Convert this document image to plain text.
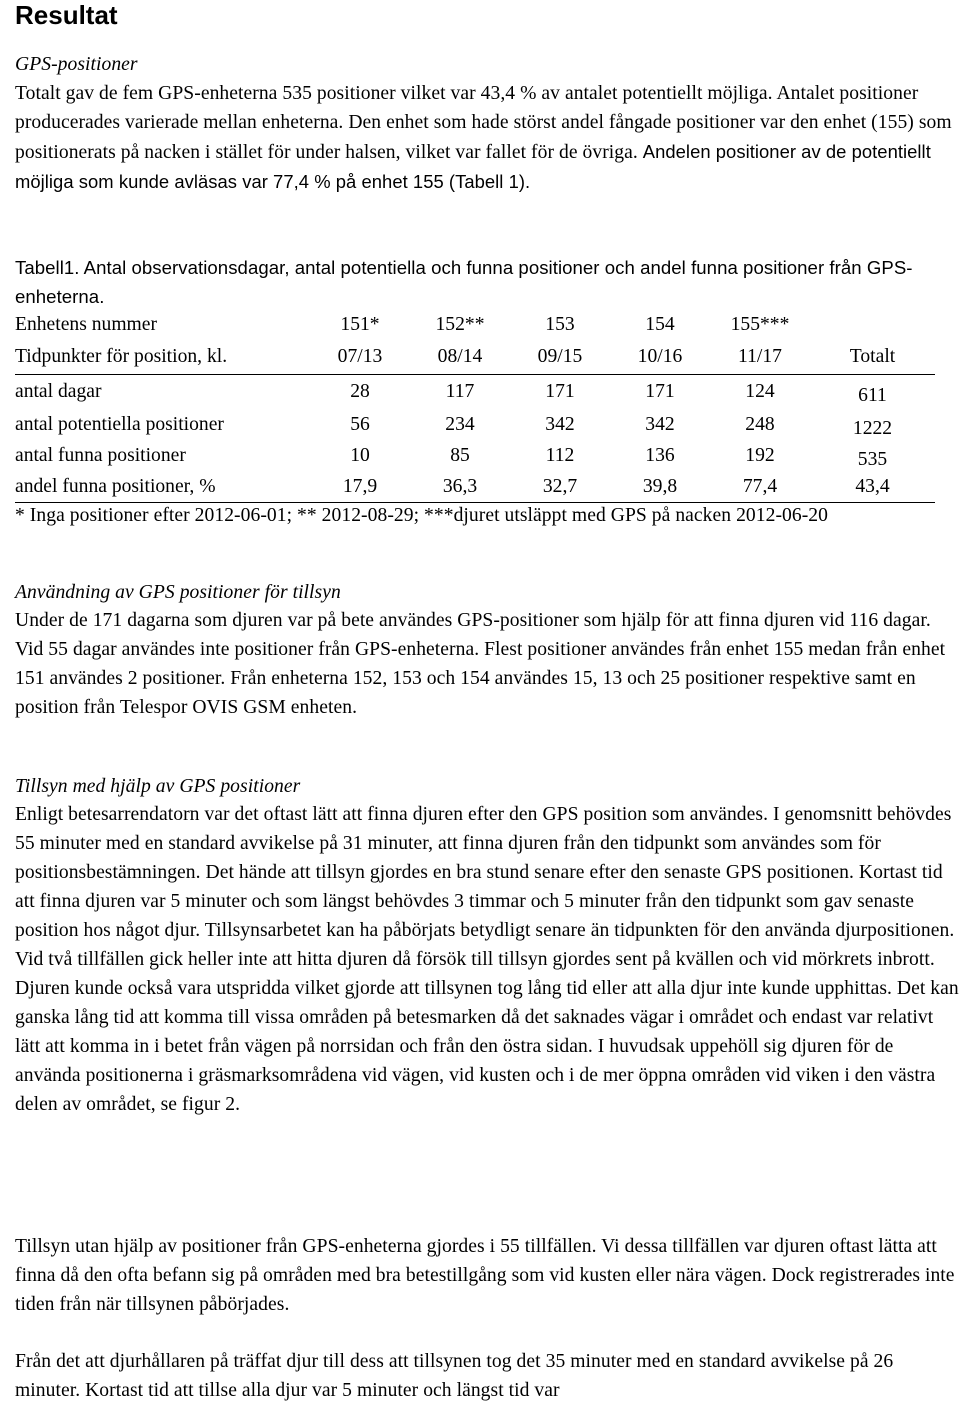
Resultat

GPS-positioner

Totalt gav de fem GPS-enheterna 535 positioner vilket var 43,4 % av antalet potentiellt möjliga. Antalet positioner producerades varierade mellan enheterna. Den enhet som hade störst andel fångade positioner var den enhet (155) som positionerats på nacken i stället för under halsen, vilket var fallet för de övriga. Andelen positioner av de potentiellt möjliga som kunde avläsas var 77,4 % på enhet 155 (Tabell 1).

Tabell1. Antal observationsdagar, antal potentiella och funna positioner och andel funna positioner från GPS-enheterna.

Enhetens nummer	151*	152**	153	154	155***	
Tidpunkter för position, kl.	07/13	08/14	09/15	10/16	11/17	Totalt
antal dagar	28	117	171	171	124	611
antal potentiella positioner	56	234	342	342	248	1222
antal funna positioner	10	85	112	136	192	535
andel funna positioner, %	17,9	36,3	32,7	39,8	77,4	43,4

* Inga positioner efter 2012-06-01; ** 2012-08-29; ***djuret utsläppt med GPS på nacken 2012-06-20

Användning av GPS positioner för tillsyn

Under de 171 dagarna som djuren var på bete användes GPS-positioner som hjälp för att finna djuren vid 116 dagar. Vid 55 dagar användes inte positioner från GPS-enheterna. Flest positioner användes från enhet 155 medan från enhet 151 användes 2 positioner. Från enheterna 152, 153 och 154 användes 15, 13 och 25 positioner respektive samt en position från Telespor OVIS GSM enheten.

Tillsyn med hjälp av GPS positioner

Enligt betesarrendatorn var det oftast lätt att finna djuren efter den GPS position som användes. I genomsnitt behövdes 55 minuter med en standard avvikelse på 31 minuter, att finna djuren från den tidpunkt som användes som för positionsbestämningen. Det hände att tillsyn gjordes en bra stund senare efter den senaste GPS positionen. Kortast tid att finna djuren var 5 minuter och som längst behövdes 3 timmar och 5 minuter från den tidpunkt som gav senaste position hos något djur. Tillsynsarbetet kan ha påbörjats betydligt senare än tidpunkten för den använda djurpositionen. Vid två tillfällen gick heller inte att hitta djuren då försök till tillsyn gjordes sent på kvällen och vid mörkrets inbrott. Djuren kunde också vara utspridda vilket gjorde att tillsynen tog lång tid eller att alla djur inte kunde upphittas. Det kan ganska lång tid att komma till vissa områden på betesmarken då det saknades vägar i området och endast var relativt lätt att komma in i betet från vägen på norrsidan och från den östra sidan. I huvudsak uppehöll sig djuren för de använda positionerna i gräsmarksområdena vid vägen, vid kusten och i de mer öppna områden vid viken i den västra delen av området, se figur 2.

Tillsyn utan hjälp av positioner från GPS-enheterna gjordes i 55 tillfällen. Vi dessa tillfällen var djuren oftast lätta att finna då den ofta befann sig på områden med bra betestillgång som vid kusten eller nära vägen. Dock registrerades inte tiden från när tillsynen påbörjades.

Från det att djurhållaren på träffat djur till dess att tillsynen tog det 35 minuter med en standard avvikelse på 26 minuter. Kortast tid att tillse alla djur var 5 minuter och längst tid var
